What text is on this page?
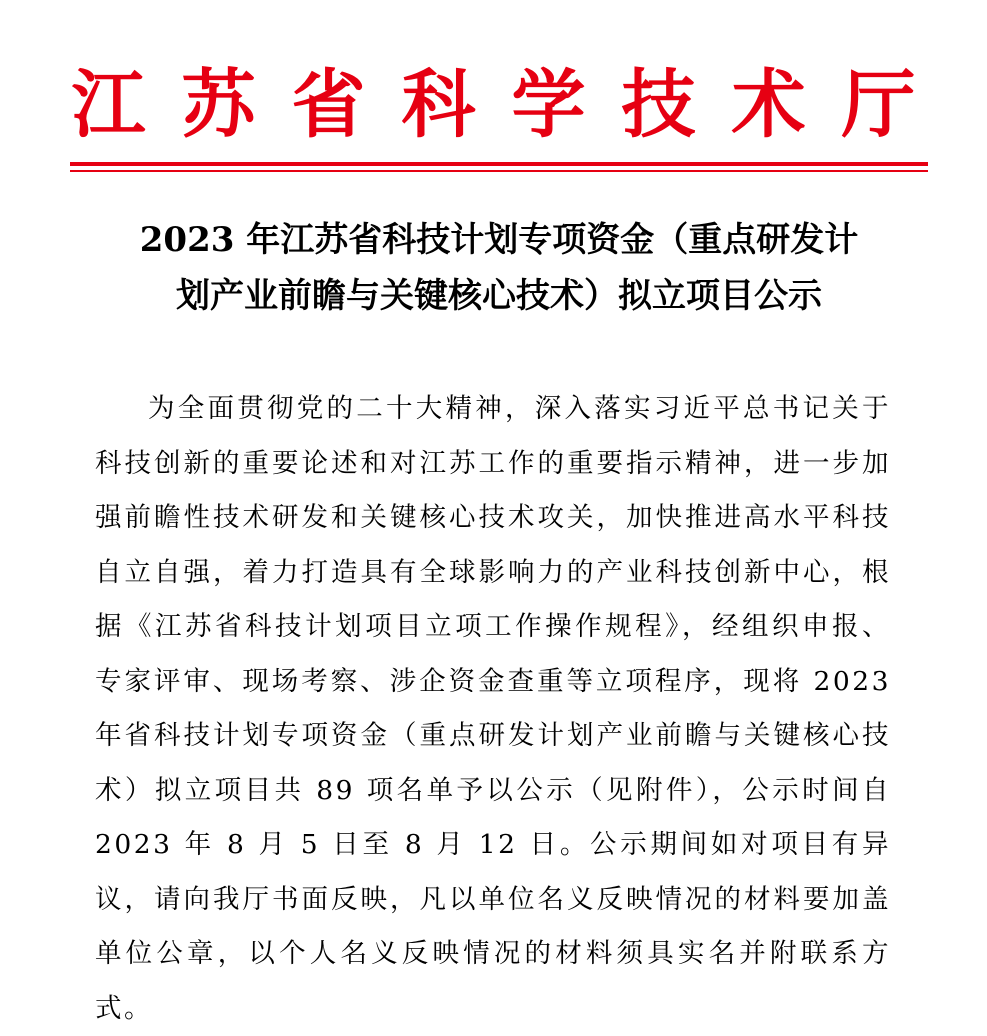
江苏省科学技术厅
2023 年江苏省科技计划专项资金（重点研发计
划产业前瞻与关键核心技术）拟立项目公示
为全面贯彻党的二十大精神，深入落实习近平总书记关于科技创新的重要论述和对江苏工作的重要指示精神，进一步加强前瞻性技术研发和关键核心技术攻关，加快推进高水平科技自立自强，着力打造具有全球影响力的产业科技创新中心，根据《江苏省科技计划项目立项工作操作规程》，经组织申报、专家评审、现场考察、涉企资金查重等立项程序，现将 2023 年省科技计划专项资金（重点研发计划产业前瞻与关键核心技术）拟立项目共 89 项名单予以公示（见附件），公示时间自 2023 年 8 月 5 日至 8 月 12 日。公示期间如对项目有异议，请向我厅书面反映，凡以单位名义反映情况的材料要加盖单位公章，以个人名义反映情况的材料须具实名并附联系方式。
